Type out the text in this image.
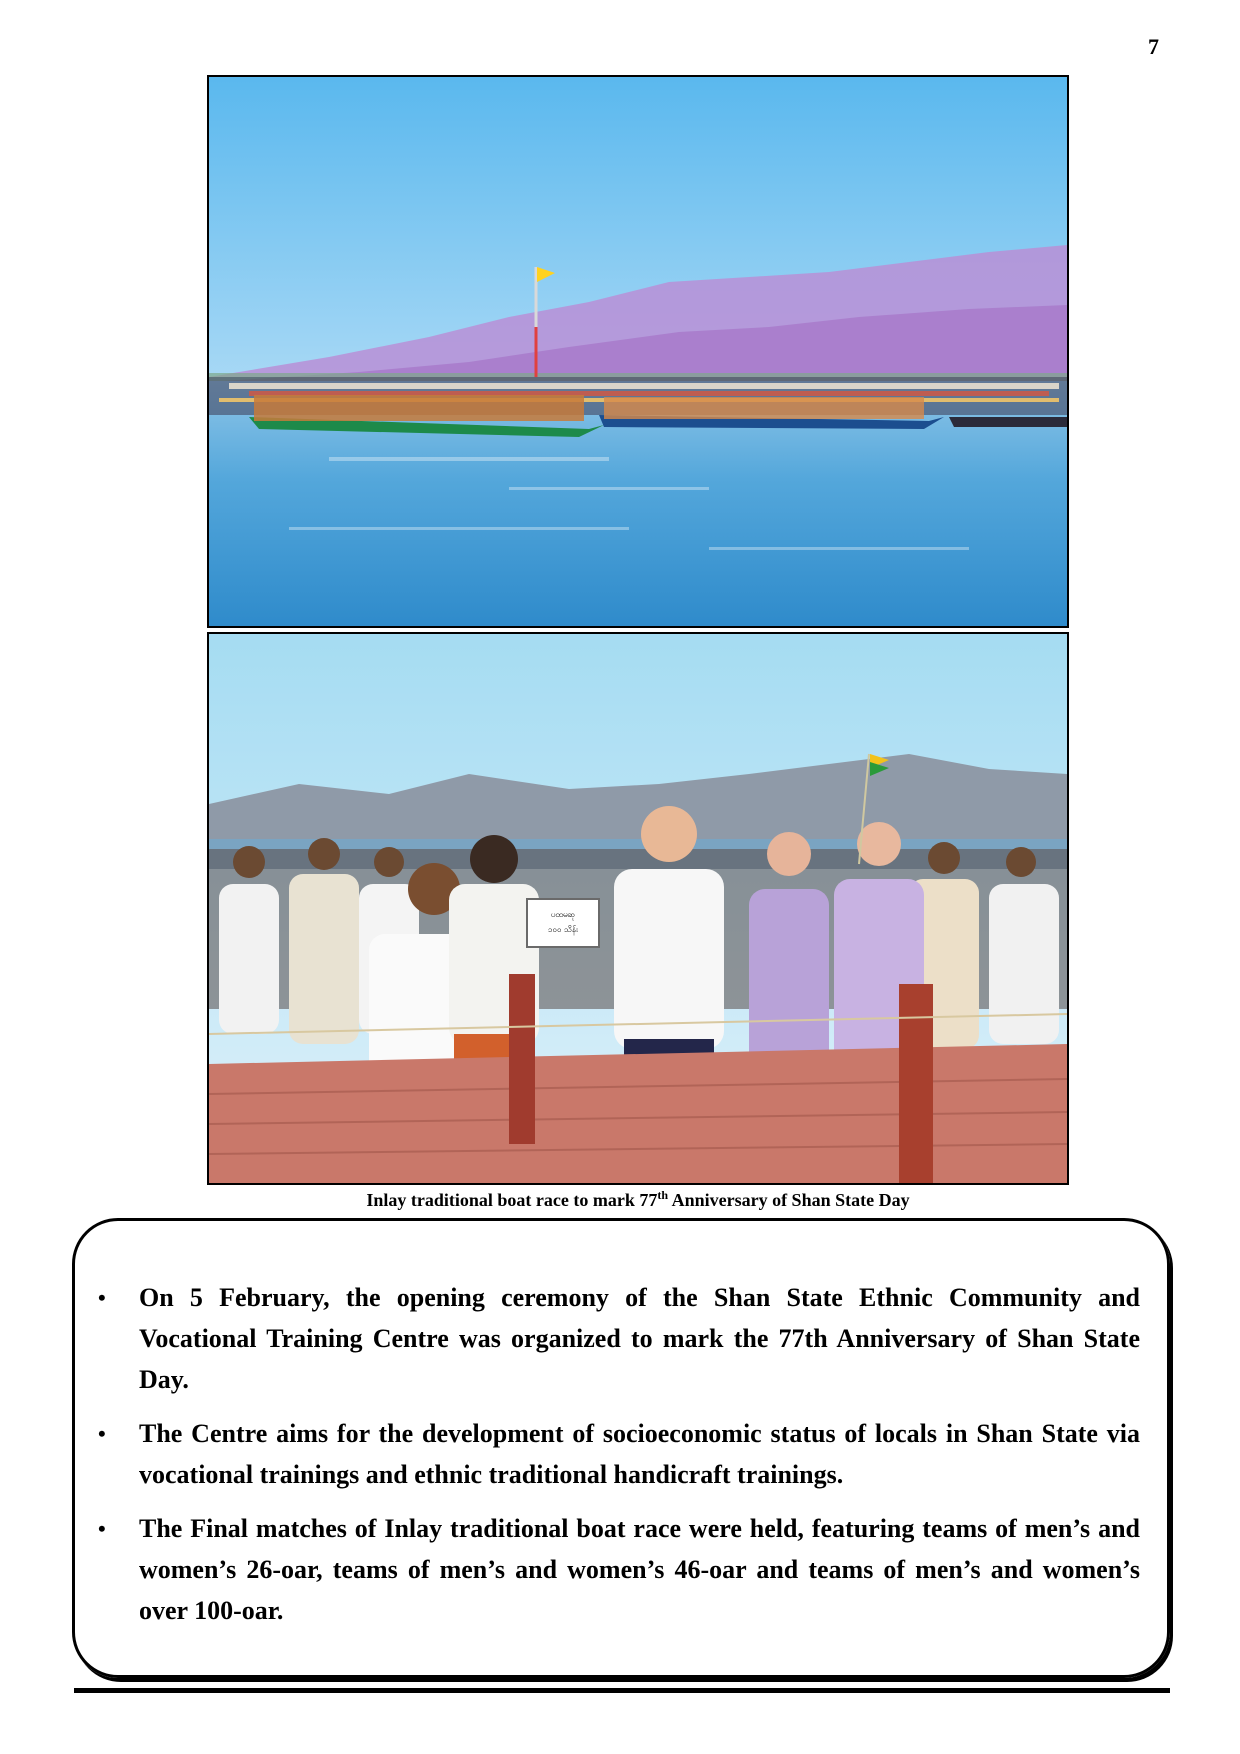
7
ပထမဆု
၁၀၀ သိန်း
Inlay traditional boat race to mark 77th Anniversary of Shan State Day
• On 5 February, the opening ceremony of the Shan State Ethnic Community and Vocational Training Centre was organized to mark the 77th Anniversary of Shan State Day.
• The Centre aims for the development of socioeconomic status of locals in Shan State via vocational trainings and ethnic traditional handicraft trainings.
• The Final matches of Inlay traditional boat race were held, featuring teams of men’s and women’s 26-oar, teams of men’s and women’s 46-oar and teams of men’s and women’s over 100-oar.
